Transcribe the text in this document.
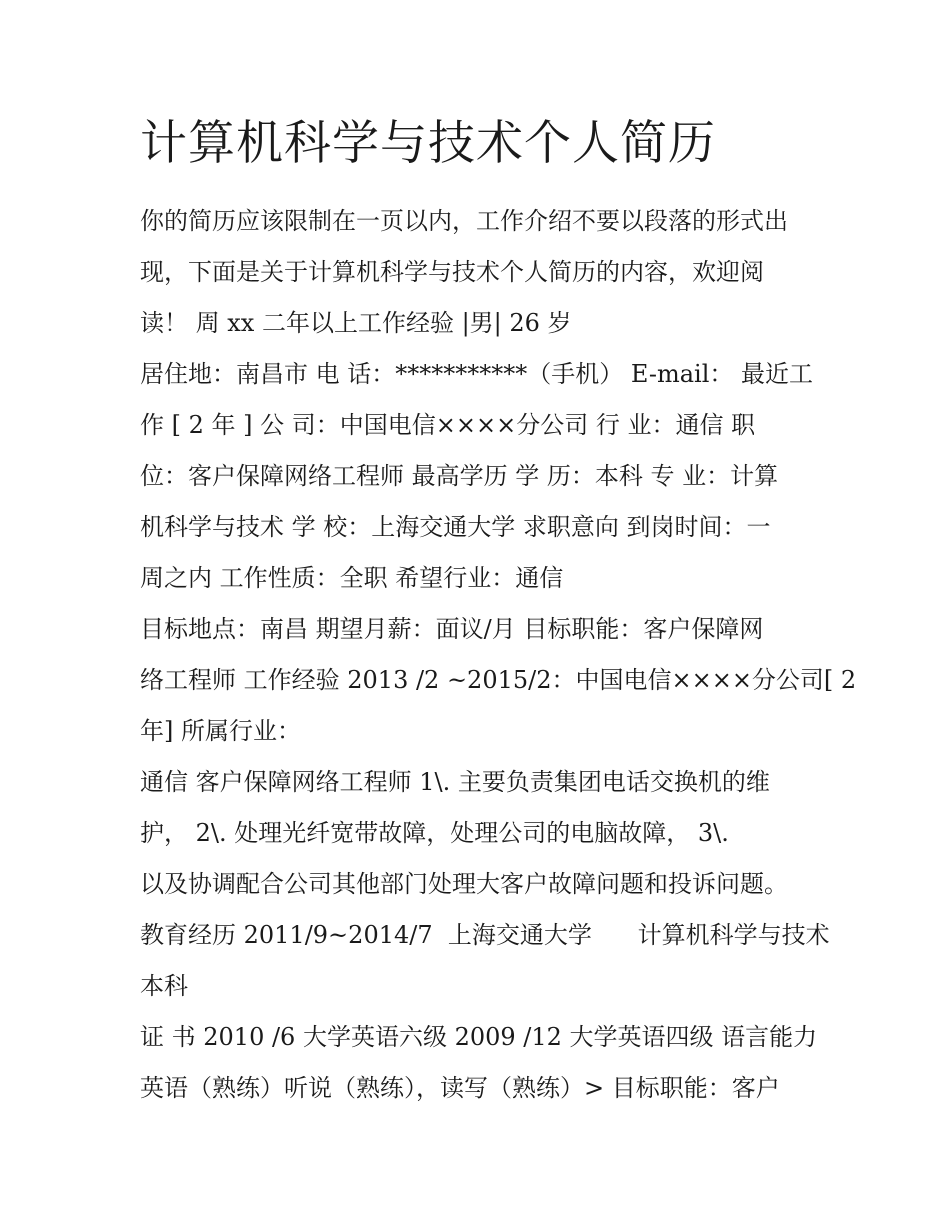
计算机科学与技术个人简历

你的简历应该限制在一页以内，工作介绍不要以段落的形式出

现，下面是关于计算机科学与技术个人简历的内容，欢迎阅

读！ 周 xx 二年以上工作经验 |男| 26 岁

居住地：南昌市 电 话：***********（手机） E-mail： 最近工

作 [ 2 年 ] 公 司：中国电信××××分公司 行 业：通信 职

位：客户保障网络工程师 最高学历 学 历：本科 专 业：计算

机科学与技术 学 校：上海交通大学 求职意向 到岗时间：一

周之内 工作性质：全职 希望行业：通信

目标地点：南昌 期望月薪：面议/月 目标职能：客户保障网

络工程师 工作经验 2013 /2 ~2015/2：中国电信××××分公司[ 2

年] 所属行业：

通信 客户保障网络工程师 1\. 主要负责集团电话交换机的维

护， 2\. 处理光纤宽带故障，处理公司的电脑故障， 3\.

以及协调配合公司其他部门处理大客户故障问题和投诉问题。

教育经历 2011/9~2014/7  上海交通大学      计算机科学与技术

本科

证 书 2010 /6 大学英语六级 2009 /12 大学英语四级 语言能力

英语（熟练）听说（熟练），读写（熟练）> 目标职能：客户
